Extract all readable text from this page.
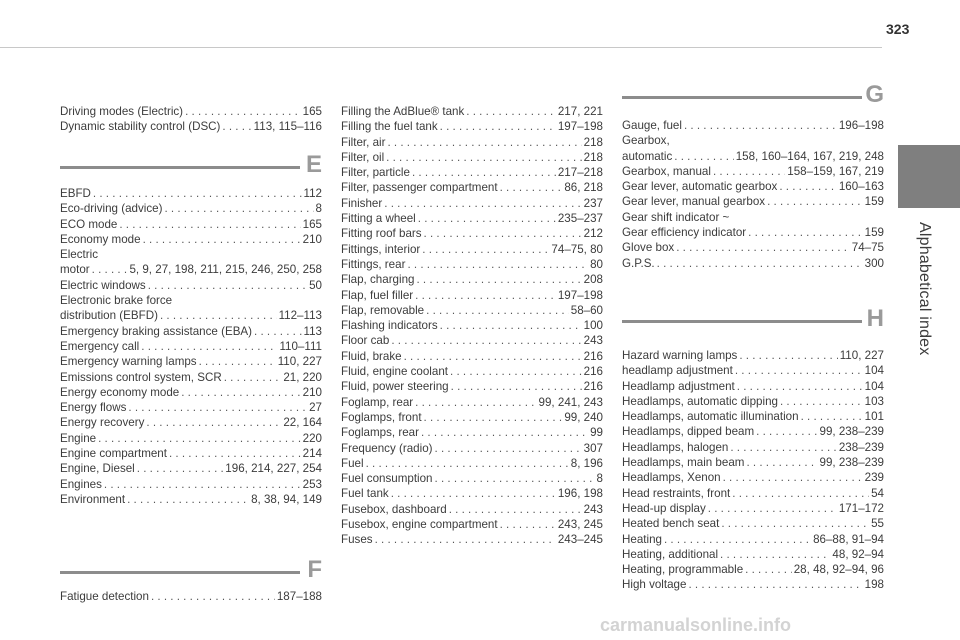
323
Alphabetical index
Driving modes (Electric) . . .	165
Dynamic stability control (DSC) . . .	113, 115–116
E
EBFD . . .	112
Eco-driving (advice) . . .	8
ECO mode . . .	165
Economy mode . . .	210
Electric
motor . . .	5, 9, 27, 198, 211, 215, 246, 250, 258
Electric windows . . .	50
Electronic brake force
distribution (EBFD) . . .	112–113
Emergency braking assistance (EBA) . . .	113
Emergency call . . .	110–111
Emergency warning lamps . . .	110, 227
Emissions control system, SCR . . .	21, 220
Energy economy mode . . .	210
Energy flows . . .	27
Energy recovery . . .	22, 164
Engine . . .	220
Engine compartment . . .	214
Engine, Diesel . . .	196, 214, 227, 254
Engines . . .	253
Environment . . .	8, 38, 94, 149
F
Fatigue detection . . .	187–188
Filling the AdBlue® tank . . .	217, 221
Filling the fuel tank . . .	197–198
Filter, air . . .	218
Filter, oil . . .	218
Filter, particle . . .	217–218
Filter, passenger compartment . . .	86, 218
Finisher . . .	237
Fitting a wheel . . .	235–237
Fitting roof bars . . .	212
Fittings, interior . . .	74–75, 80
Fittings, rear . . .	80
Flap, charging . . .	208
Flap, fuel filler . . .	197–198
Flap, removable . . .	58–60
Flashing indicators . . .	100
Floor cab . . .	243
Fluid, brake . . .	216
Fluid, engine coolant . . .	216
Fluid, power steering . . .	216
Foglamp, rear . . .	99, 241, 243
Foglamps, front . . .	99, 240
Foglamps, rear . . .	99
Frequency (radio) . . .	307
Fuel . . .	8, 196
Fuel consumption . . .	8
Fuel tank . . .	196, 198
Fusebox, dashboard . . .	243
Fusebox, engine compartment . . .	243, 245
Fuses . . .	243–245
G
Gauge, fuel . . .	196–198
Gearbox,
automatic . . .	158, 160–164, 167, 219, 248
Gearbox, manual . . .	158–159, 167, 219
Gear lever, automatic gearbox . . .	160–163
Gear lever, manual gearbox . . .	159
Gear shift indicator ~
Gear efficiency indicator . . .	159
Glove box . . .	74–75
G.P.S. . . .	300
H
Hazard warning lamps . . .	110, 227
headlamp adjustment . . .	104
Headlamp adjustment . . .	104
Headlamps, automatic dipping . . .	103
Headlamps, automatic illumination . . .	101
Headlamps, dipped beam . . .	99, 238–239
Headlamps, halogen . . .	238–239
Headlamps, main beam . . .	99, 238–239
Headlamps, Xenon . . .	239
Head restraints, front . . .	54
Head-up display . . .	171–172
Heated bench seat . . .	55
Heating . . .	86–88, 91–94
Heating, additional . . .	48, 92–94
Heating, programmable . . .	28, 48, 92–94, 96
High voltage . . .	198
carmanualsonline.info
